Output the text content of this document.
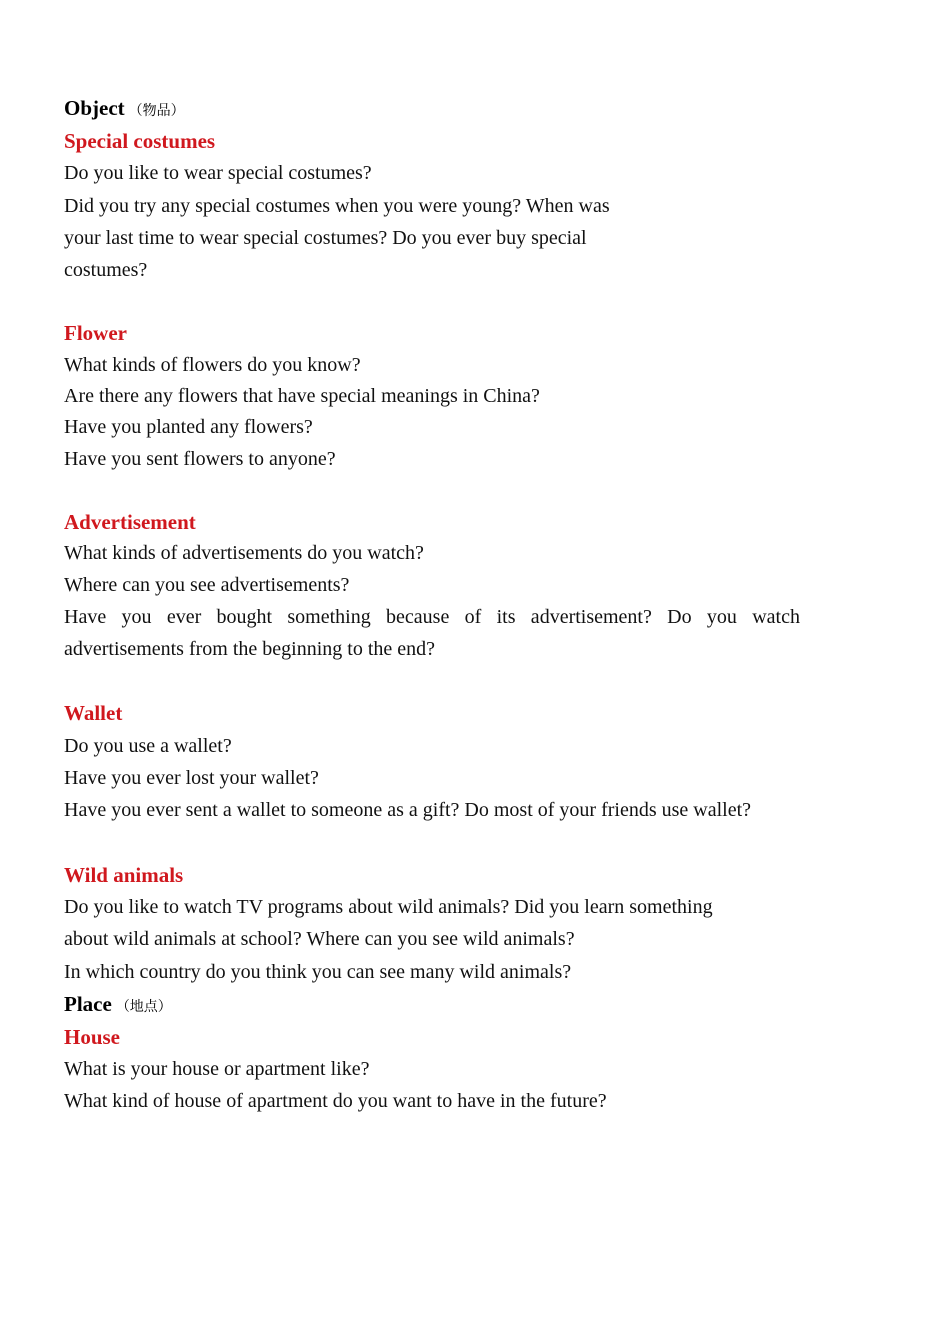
Object （物品）
Special costumes
Do you like to wear special costumes?
Did you try any special costumes when you were young? When was
your last time to wear special costumes? Do you ever buy special
costumes?
Flower
What kinds of flowers do you know?
Are there any flowers that have special meanings in China?
Have you planted any flowers?
Have you sent flowers to anyone?
Advertisement
What kinds of advertisements do you watch?
Where can you see advertisements?
Have you ever bought something because of its advertisement? Do you watch advertisements from the beginning to the end?
Wallet
Do you use a wallet?
Have you ever lost your wallet?
Have you ever sent a wallet to someone as a gift? Do most of your friends use wallet?
Wild animals
Do you like to watch TV programs about wild animals? Did you learn something
about wild animals at school? Where can you see wild animals?
In which country do you think you can see many wild animals?
Place （地点）
House
What is your house or apartment like?
What kind of house of apartment do you want to have in the future?
